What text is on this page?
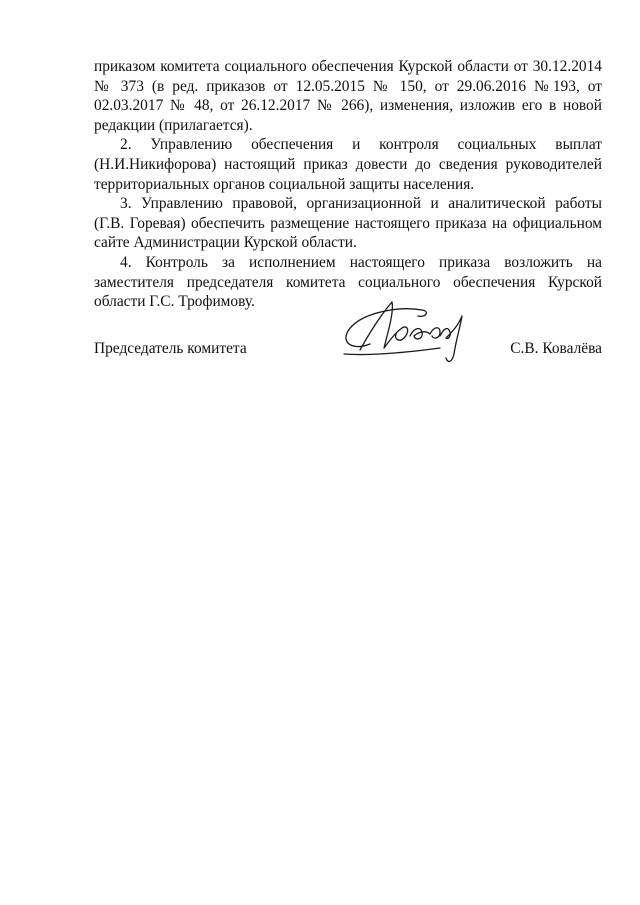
приказом комитета социального обеспечения Курской области от 30.12.2014
№ 373 (в ред. приказов от 12.05.2015 № 150, от 29.06.2016 №193, от
02.03.2017 № 48, от 26.12.2017 № 266), изменения, изложив его в новой
редакции (прилагается).

2. Управлению обеспечения и контроля социальных выплат
(Н.И.Никифорова) настоящий приказ довести до сведения руководителей
территориальных органов социальной защиты населения.

3. Управлению правовой, организационной и аналитической работы
(Г.В. Горевая) обеспечить размещение настоящего приказа на официальном
сайте Администрации Курской области.

4. Контроль за исполнением настоящего приказа возложить на
заместителя председателя комитета социального обеспечения Курской
области Г.С. Трофимову.

Председатель комитета	С.В. Ковалёва
